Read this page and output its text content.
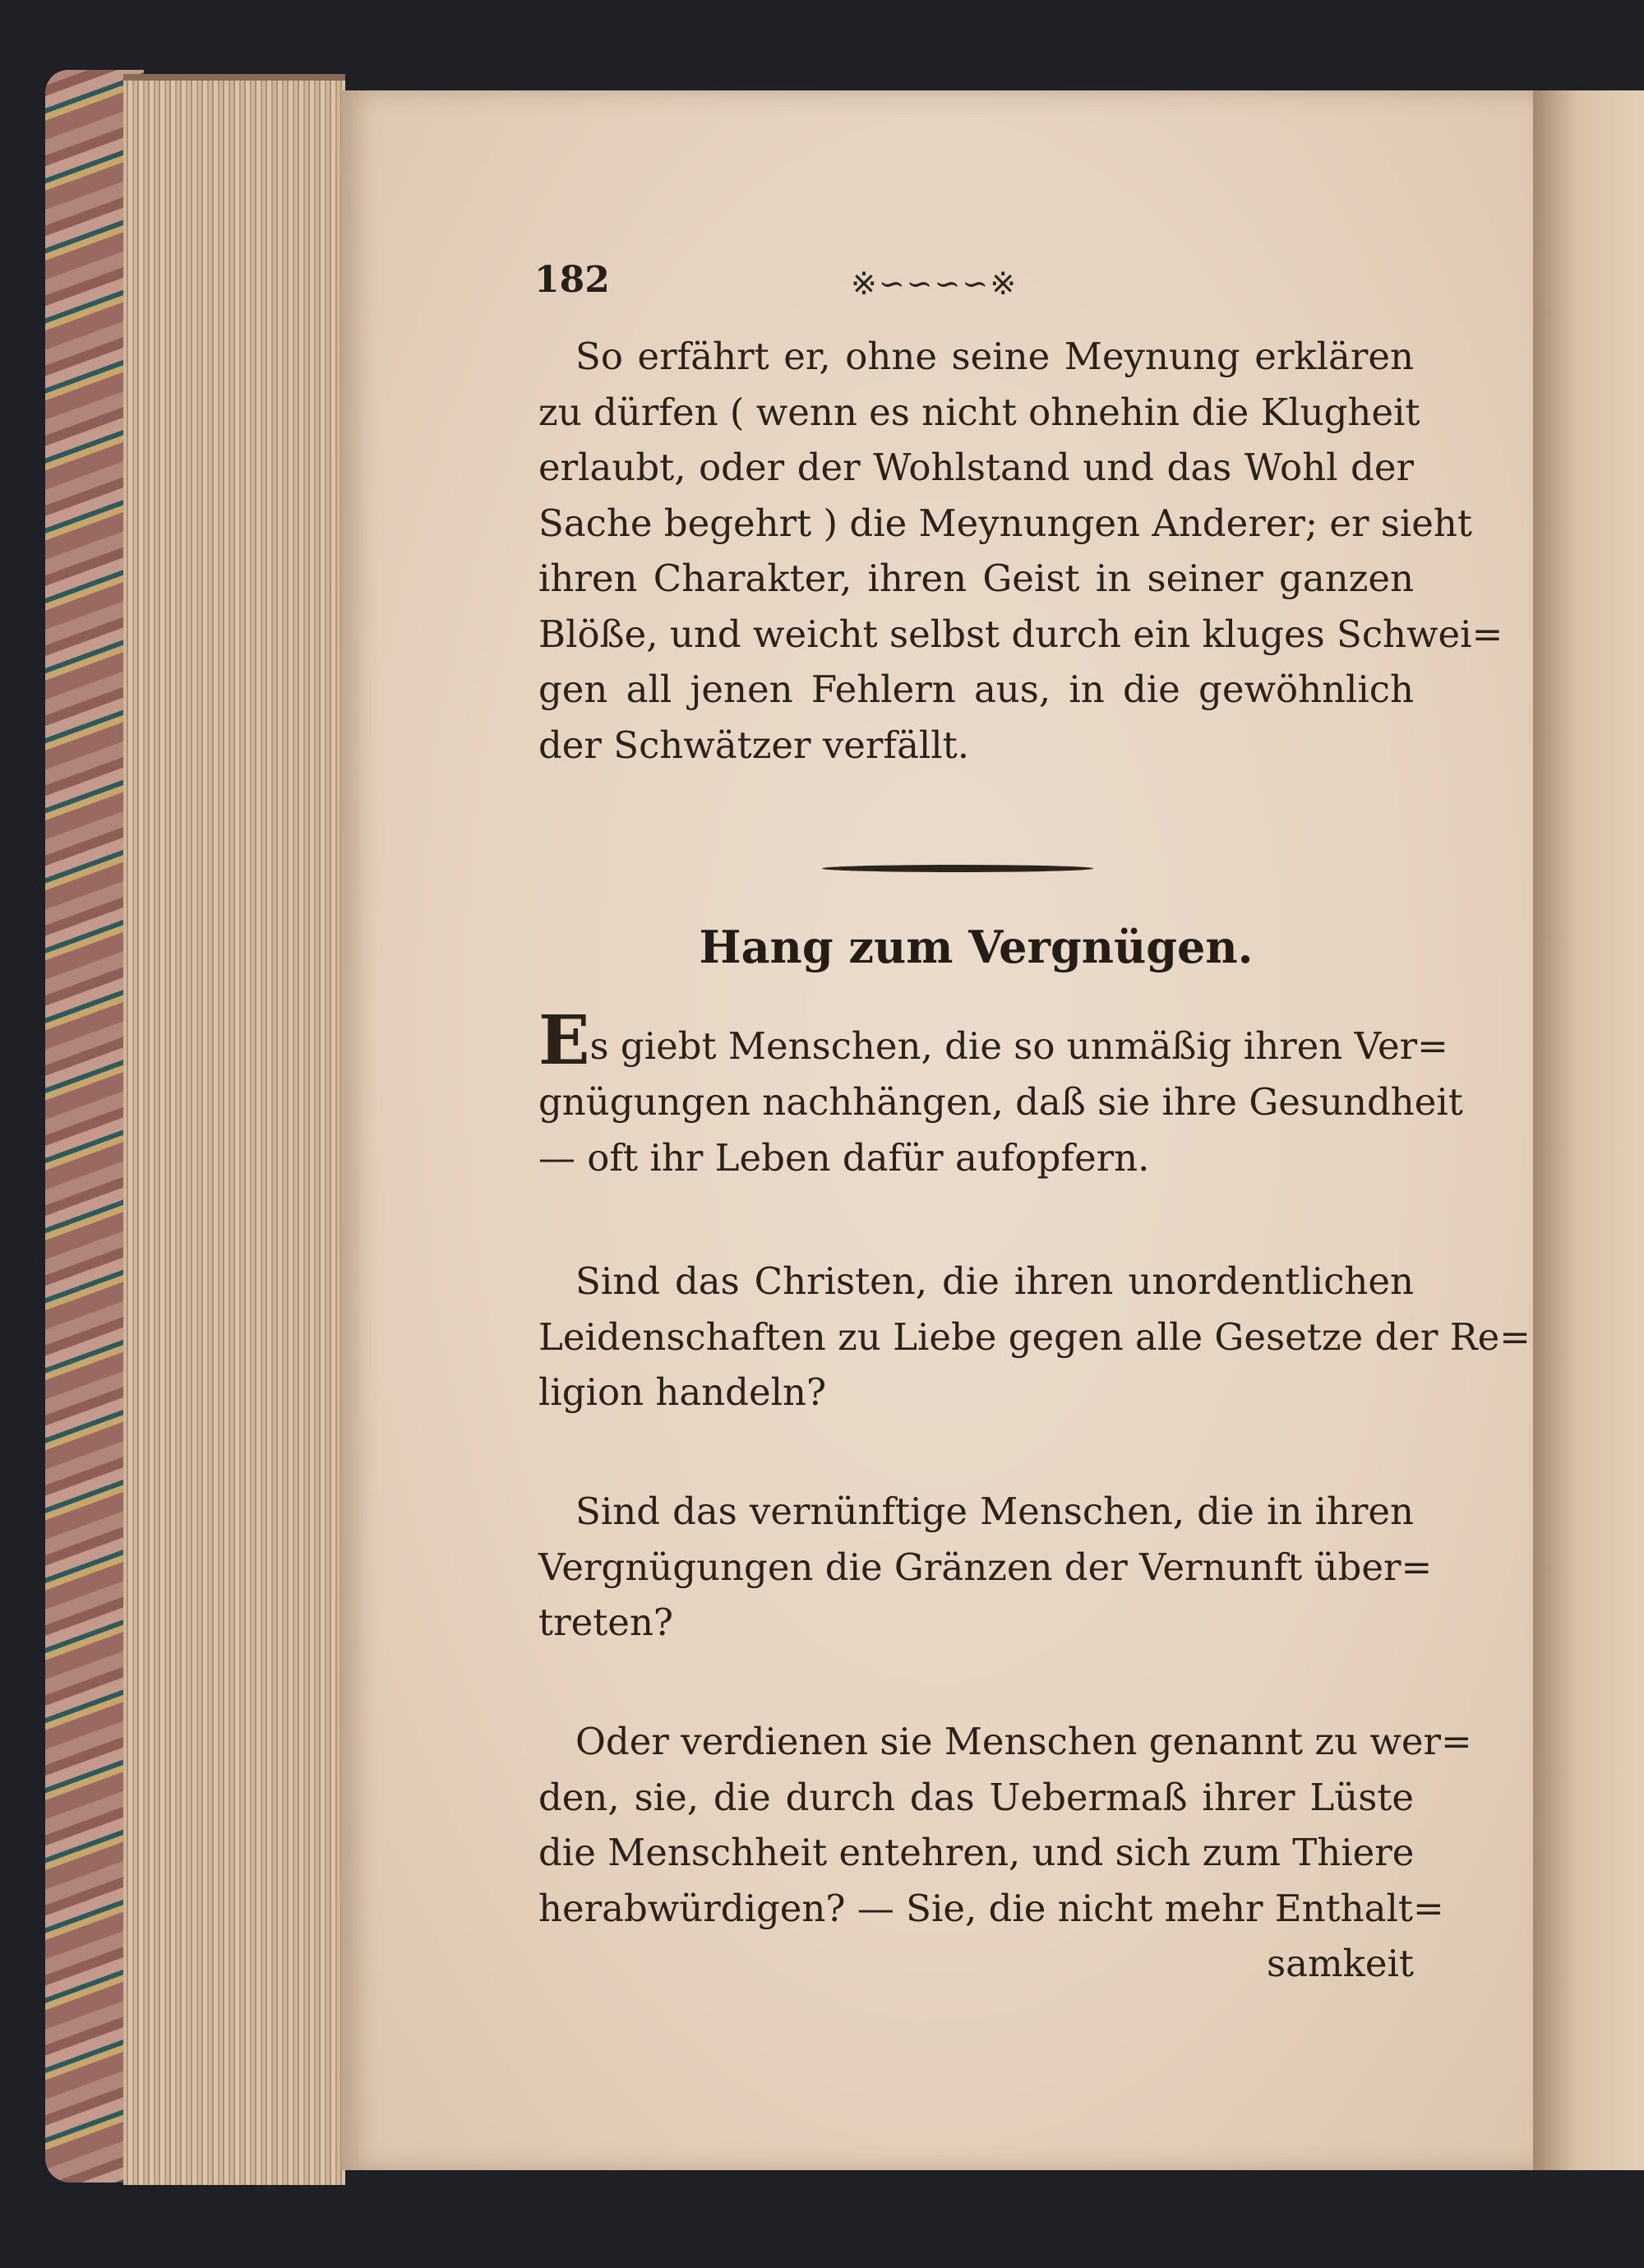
182	※∽∽∽∽※
So erfährt er, ohne seine Meynung erklären
zu dürfen ( wenn es nicht ohnehin die Klugheit
erlaubt, oder der Wohlstand und das Wohl der
Sache begehrt ) die Meynungen Anderer; er sieht
ihren Charakter, ihren Geist in seiner ganzen
Blöße, und weicht selbst durch ein kluges Schwei=
gen all jenen Fehlern aus, in die gewöhnlich
der Schwätzer verfällt.
Hang zum Vergnügen.
Es giebt Menschen, die so unmäßig ihren Ver=
gnügungen nachhängen, daß sie ihre Gesundheit
— oft ihr Leben dafür aufopfern.
Sind das Christen, die ihren unordentlichen
Leidenschaften zu Liebe gegen alle Gesetze der Re=
ligion handeln?
Sind das vernünftige Menschen, die in ihren
Vergnügungen die Gränzen der Vernunft über=
treten?
Oder verdienen sie Menschen genannt zu wer=
den, sie, die durch das Uebermaß ihrer Lüste
die Menschheit entehren, und sich zum Thiere
herabwürdigen? — Sie, die nicht mehr Enthalt=
samkeit
